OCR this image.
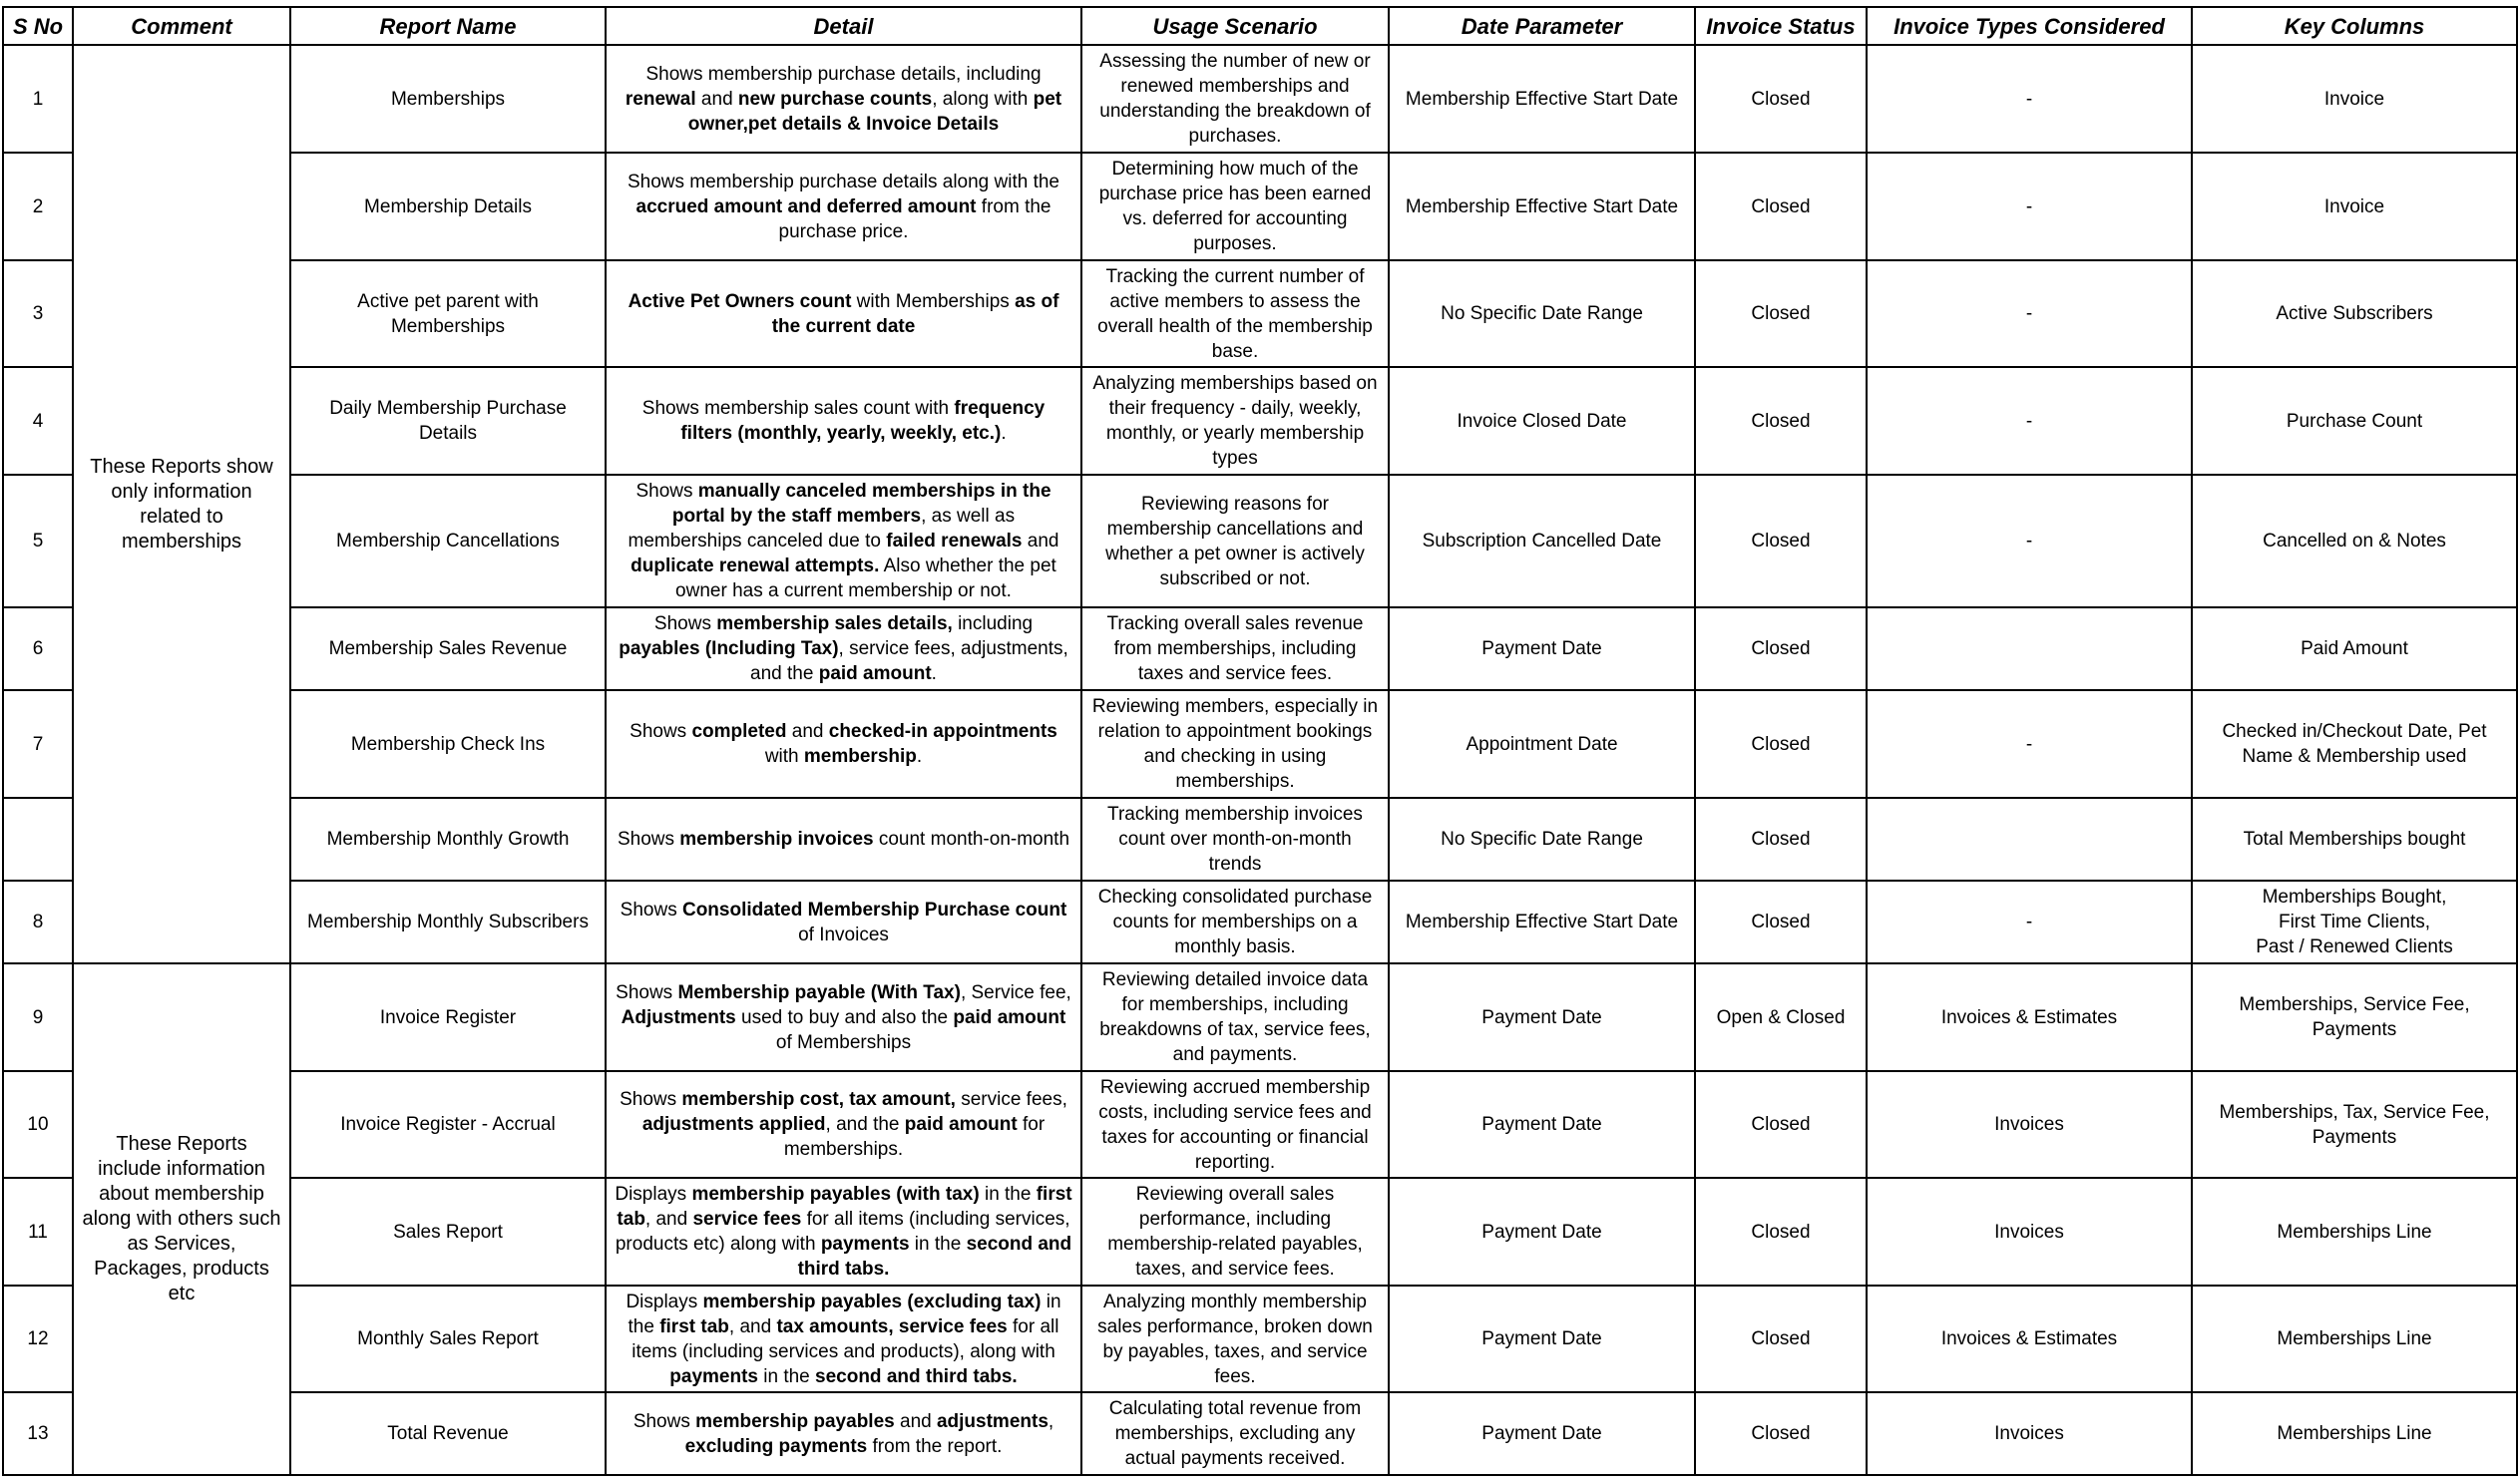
S No	Comment	Report Name	Detail	Usage Scenario	Date Parameter	Invoice Status	Invoice Types Considered	Key Columns
1	These Reports show only information related to memberships	Memberships	Shows membership purchase details, including renewal and new purchase counts, along with pet owner,pet details & Invoice Details	Assessing the number of new or renewed memberships and understanding the breakdown of purchases.	Membership Effective Start Date	Closed	-	Invoice
2		Membership Details	Shows membership purchase details along with the accrued amount and deferred amount from the purchase price.	Determining how much of the purchase price has been earned vs. deferred for accounting purposes.	Membership Effective Start Date	Closed	-	Invoice
3		Active pet parent with Memberships	Active Pet Owners count with Memberships as of the current date	Tracking the current number of active members to assess the overall health of the membership base.	No Specific Date Range	Closed	-	Active Subscribers
4		Daily Membership Purchase Details	Shows membership sales count with frequency filters (monthly, yearly, weekly, etc.).	Analyzing memberships based on their frequency - daily, weekly, monthly, or yearly membership types	Invoice Closed Date	Closed	-	Purchase Count
5		Membership Cancellations	Shows manually canceled memberships in the portal by the staff members, as well as memberships canceled due to failed renewals and duplicate renewal attempts. Also whether the pet owner has a current membership or not.	Reviewing reasons for membership cancellations and whether a pet owner is actively subscribed or not.	Subscription Cancelled Date	Closed	-	Cancelled on & Notes
6		Membership Sales Revenue	Shows membership sales details, including payables (Including Tax), service fees, adjustments, and the paid amount.	Tracking overall sales revenue from memberships, including taxes and service fees.	Payment Date	Closed		Paid Amount
7		Membership Check Ins	Shows completed and checked-in appointments with membership.	Reviewing members, especially in relation to appointment bookings and checking in using memberships.	Appointment Date	Closed	-	Checked in/Checkout Date, Pet Name & Membership used
		Membership Monthly Growth	Shows membership invoices count month-on-month	Tracking membership invoices count over month-on-month trends	No Specific Date Range	Closed		Total Memberships bought
8		Membership Monthly Subscribers	Shows Consolidated Membership Purchase count of Invoices	Checking consolidated purchase counts for memberships on a monthly basis.	Membership Effective Start Date	Closed	-	Memberships Bought,
First Time Clients,
Past / Renewed Clients
9	These Reports include information about membership along with others such as Services, Packages, products etc	Invoice Register	Shows Membership payable (With Tax), Service fee, Adjustments used to buy and also the paid amount of Memberships	Reviewing detailed invoice data for memberships, including breakdowns of tax, service fees, and payments.	Payment Date	Open & Closed	Invoices & Estimates	Memberships, Service Fee, Payments
10		Invoice Register - Accrual	Shows membership cost, tax amount, service fees, adjustments applied, and the paid amount for memberships.	Reviewing accrued membership costs, including service fees and taxes for accounting or financial reporting.	Payment Date	Closed	Invoices	Memberships, Tax, Service Fee, Payments
11		Sales Report	Displays membership payables (with tax) in the first tab, and service fees for all items (including services, products etc) along with payments in the second and third tabs.	Reviewing overall sales performance, including membership-related payables, taxes, and service fees.	Payment Date	Closed	Invoices	Memberships Line
12		Monthly Sales Report	Displays membership payables (excluding tax) in the first tab, and tax amounts, service fees for all items (including services and products), along with payments in the second and third tabs.	Analyzing monthly membership sales performance, broken down by payables, taxes, and service fees.	Payment Date	Closed	Invoices & Estimates	Memberships Line
13		Total Revenue	Shows membership payables and adjustments, excluding payments from the report.	Calculating total revenue from memberships, excluding any actual payments received.	Payment Date	Closed	Invoices	Memberships Line
